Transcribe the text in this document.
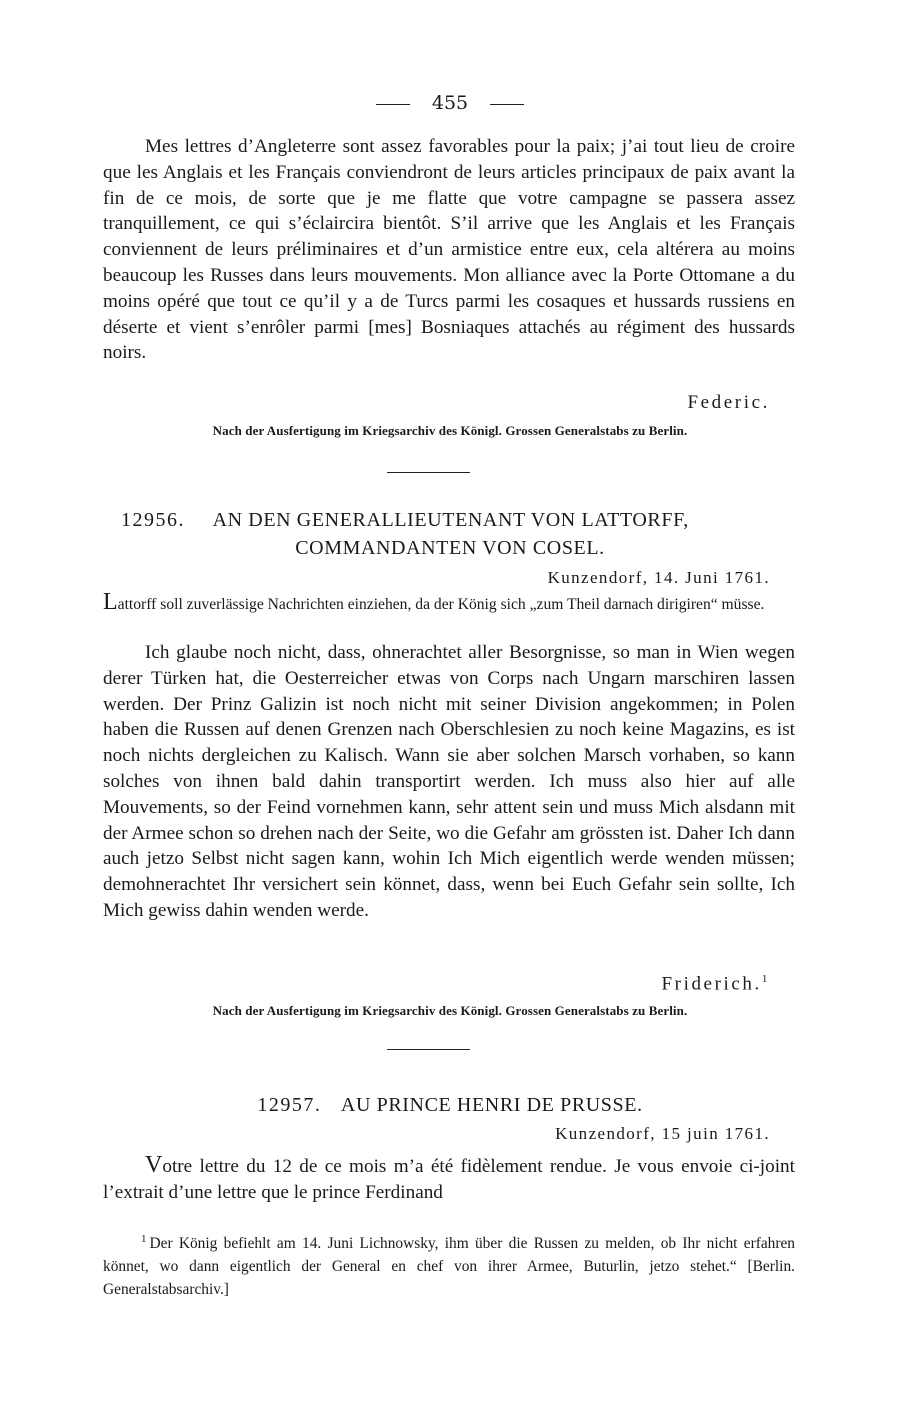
455

Mes lettres d’Angleterre sont assez favorables pour la paix; j’ai tout lieu de croire que les Anglais et les Français conviendront de leurs articles principaux de paix avant la fin de ce mois, de sorte que je me flatte que votre campagne se passera assez tranquillement, ce qui s’éclaircira bientôt. S’il arrive que les Anglais et les Français conviennent de leurs préliminaires et d’un armistice entre eux, cela altérera au moins beaucoup les Russes dans leurs mouvements. Mon alliance avec la Porte Ottomane a du moins opéré que tout ce qu’il y a de Turcs parmi les cosaques et hussards russiens en déserte et vient s’enrôler parmi [mes] Bosniaques attachés au régiment des hussards noirs.

Federic.
Nach der Ausfertigung im Kriegsarchiv des Königl. Grossen Generalstabs zu Berlin.
12956. AN DEN GENERALLIEUTENANT VON LATTORFF,
COMMANDANTEN VON COSEL.
Kunzendorf, 14. Juni 1761.
Lattorff soll zuverlässige Nachrichten einziehen, da der König sich „zum Theil darnach dirigiren“ müsse.

Ich glaube noch nicht, dass, ohnerachtet aller Besorgnisse, so man in Wien wegen derer Türken hat, die Oesterreicher etwas von Corps nach Ungarn marschiren lassen werden. Der Prinz Galizin ist noch nicht mit seiner Division angekommen; in Polen haben die Russen auf denen Grenzen nach Oberschlesien zu noch keine Magazins, es ist noch nichts dergleichen zu Kalisch. Wann sie aber solchen Marsch vorhaben, so kann solches von ihnen bald dahin transportirt werden. Ich muss also hier auf alle Mouvements, so der Feind vornehmen kann, sehr attent sein und muss Mich alsdann mit der Armee schon so drehen nach der Seite, wo die Gefahr am grössten ist. Daher Ich dann auch jetzo Selbst nicht sagen kann, wohin Ich Mich eigentlich werde wenden müssen; demohnerachtet Ihr versichert sein könnet, dass, wenn bei Euch Gefahr sein sollte, Ich Mich gewiss dahin wenden werde.

Friderich.$^1$
Nach der Ausfertigung im Kriegsarchiv des Königl. Grossen Generalstabs zu Berlin.
12957. AU PRINCE HENRI DE PRUSSE.
Kunzendorf, 15 juin 1761.

Votre lettre du 12 de ce mois m’a été fidèlement rendue. Je vous envoie ci-joint l’extrait d’une lettre que le prince Ferdinand

$^1$ Der König befiehlt am 14. Juni Lichnowsky, ihm über die Russen zu melden, ob Ihr nicht erfahren könnet, wo dann eigentlich der General en chef von ihrer Armee, Buturlin, jetzo stehet.“ [Berlin. Generalstabsarchiv.]
